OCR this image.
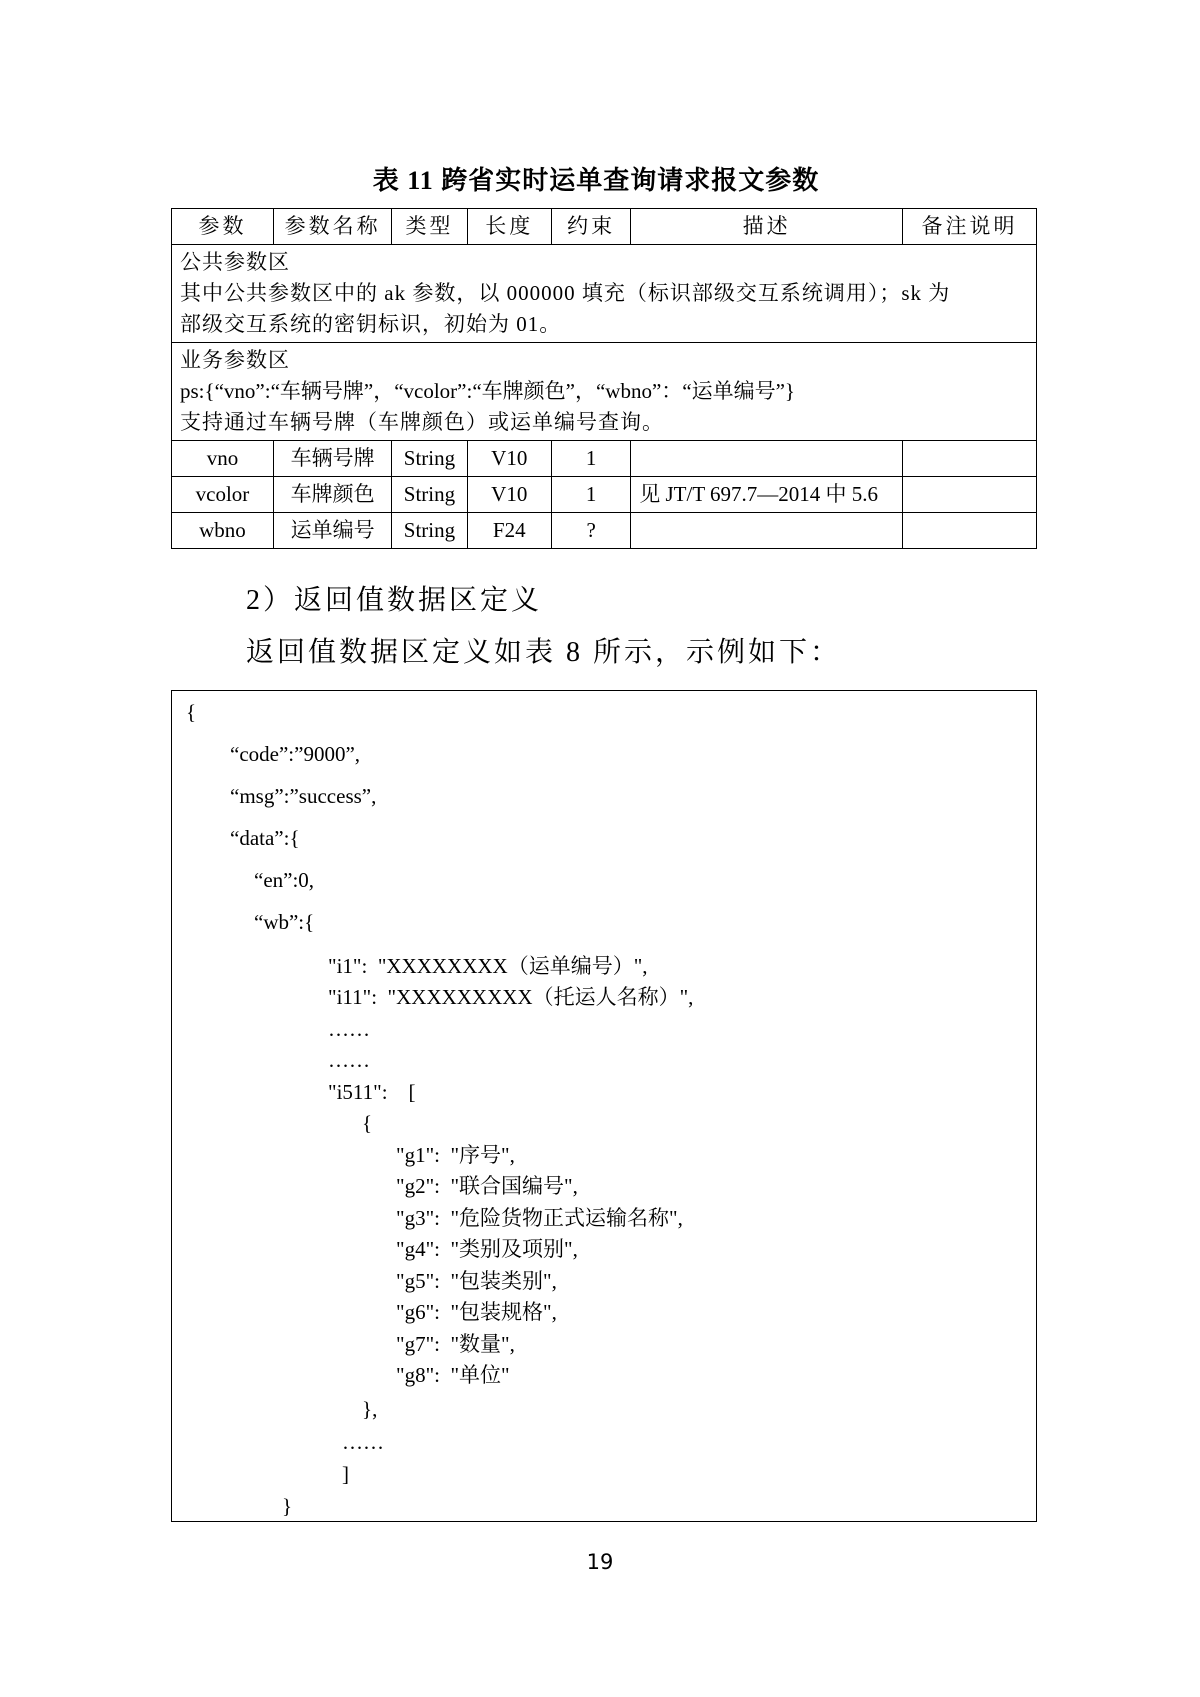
表 11 跨省实时运单查询请求报文参数
参数	参数名称	类型	长度	约束	描述	备注说明

公共参数区
其中公共参数区中的 ak 参数，以 000000 填充（标识部级交互系统调用）；sk 为
部级交互系统的密钥标识，初始为 01。						

业务参数区
ps:{“vno”:“车辆号牌”，“vcolor”:“车牌颜色”，“wbno”：“运单编号”}
支持通过车辆号牌（车牌颜色）或运单编号查询。						

vno	车辆号牌	String	V10	1		
vcolor	车牌颜色	String	V10	1	见 JT/T 697.7—2014 中 5.6	
wbno	运单编号	String	F24	?		
2）返回值数据区定义
返回值数据区定义如表 8 所示，示例如下：
{
“code”:”9000”,
“msg”:”success”,
“data”:{
“en”:0,
“wb”:{
"i1":  "XXXXXXXX（运单编号）",
"i11":  "XXXXXXXXX（托运人名称）",
……
……
"i511":    [
{
"g1":  "序号",
"g2":  "联合国编号",
"g3":  "危险货物正式运输名称",
"g4":  "类别及项别",
"g5":  "包装类别",
"g6":  "包装规格",
"g7":  "数量",
"g8":  "单位"
},
……
]
}
19
